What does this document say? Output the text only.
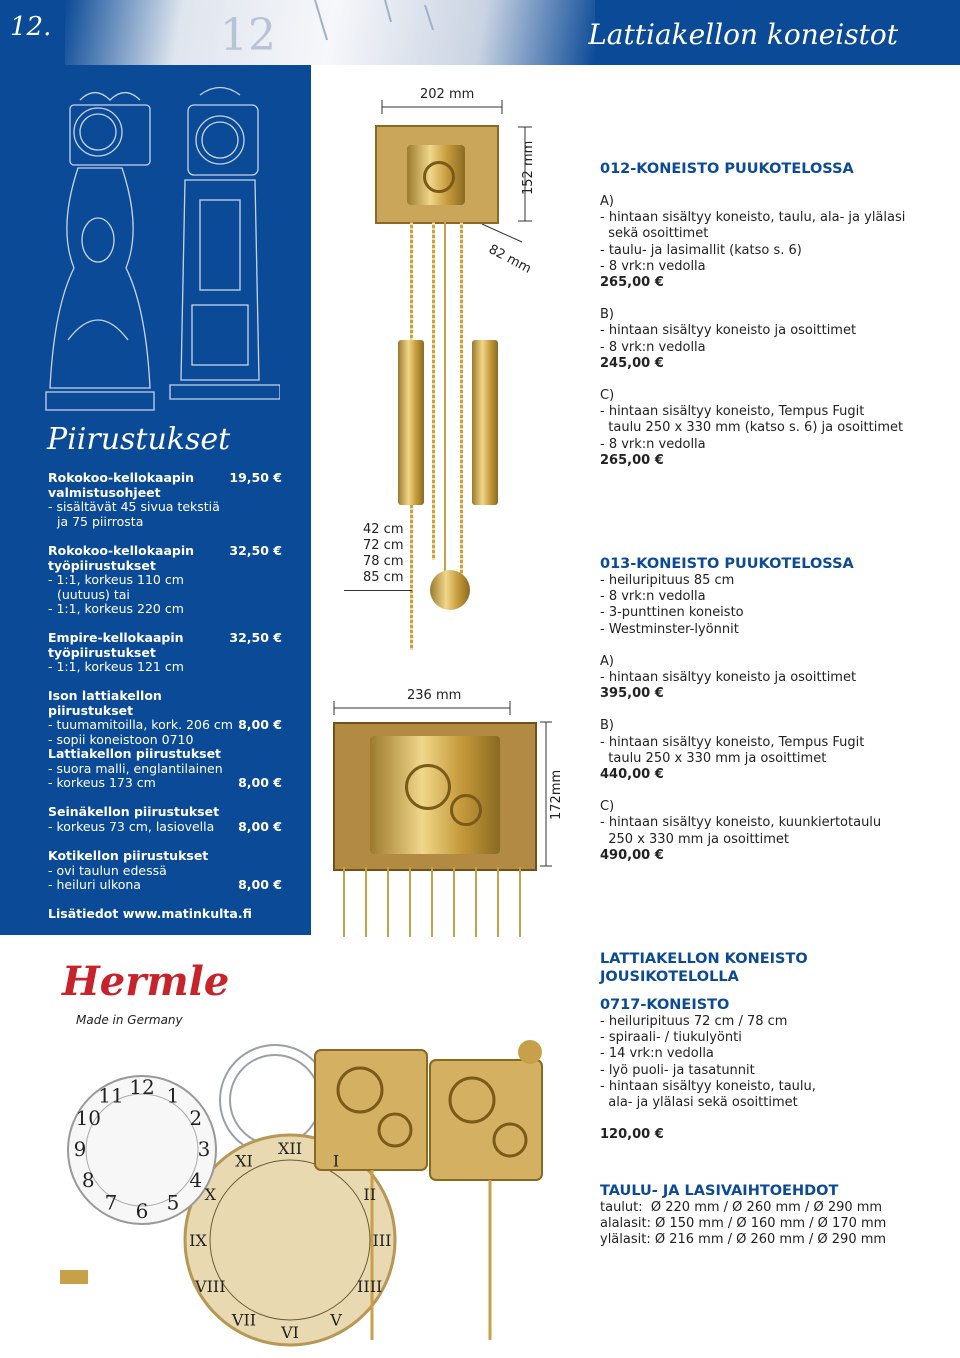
12
12.	Lattiakellon koneistot
Piirustukset
Rokokoo-kellokaapin valmistusohjeet
19,50 €
- sisältävät 45 sivua tekstiä
ja 75 piirrosta
Rokokoo-kellokaapin työpiirustukset
32,50 €
- 1:1, korkeus 110 cm
(uutuus) tai
- 1:1, korkeus 220 cm
Empire-kellokaapin työpiirustukset
32,50 €
- 1:1, korkeus 121 cm
Ison lattiakellon piirustukset
- tuumamitoilla, kork. 206 cm
- sopii koneistoon 0710
8,00 €
Lattiakellon piirustukset
- suora malli, englantilainen
- korkeus 173 cm	8,00 €
Seinäkellon piirustukset
- korkeus 73 cm, lasiovella	8,00 €
Kotikellon piirustukset
- ovi taulun edessä
- heiluri ulkona	8,00 €
Lisätiedot www.matinkulta.fi
202 mm
152 mm
82 mm
42 cm
72 cm
78 cm
85 cm
236 mm
172mm
012-KONEISTO PUUKOTELOSSA
A)
- hintaan sisältyy koneisto, taulu, ala- ja ylälasi
sekä osoittimet
- taulu- ja lasimallit (katso s. 6)
- 8 vrk:n vedolla
265,00 €
B)
- hintaan sisältyy koneisto ja osoittimet
- 8 vrk:n vedolla
245,00 €
C)
- hintaan sisältyy koneisto, Tempus Fugit
taulu 250 x 330 mm (katso s. 6) ja osoittimet
- 8 vrk:n vedolla
265,00 €
013-KONEISTO PUUKOTELOSSA
- heiluripituus 85 cm
- 8 vrk:n vedolla
- 3-punttinen koneisto
- Westminster-lyönnit
A)
- hintaan sisältyy koneisto ja osoittimet
395,00 €
B)
- hintaan sisältyy koneisto, Tempus Fugit
taulu 250 x 330 mm ja osoittimet
440,00 €
C)
- hintaan sisältyy koneisto, kuunkiertotaulu
250 x 330 mm ja osoittimet
490,00 €
LATTIAKELLON KONEISTO
JOUSIKOTELOLLA
0717-KONEISTO
- heiluripituus 72 cm / 78 cm
- spiraali- / tiukulyönti
- 14 vrk:n vedolla
- lyö puoli- ja tasatunnit
- hintaan sisältyy koneisto, taulu,
ala- ja ylälasi sekä osoittimet
120,00 €
TAULU- JA LASIVAIHTOEHDOT
taulut:  Ø 220 mm / Ø 260 mm / Ø 290 mm
alalasit: Ø 150 mm / Ø 160 mm / Ø 170 mm
ylälasit: Ø 216 mm / Ø 260 mm / Ø 290 mm
Hermle
Made in Germany
12 1
2
3
4
5
6
7
8
9
10
11
XII
I
II
III
IIII
V
VI
VII
VIII
IX
X
XI
